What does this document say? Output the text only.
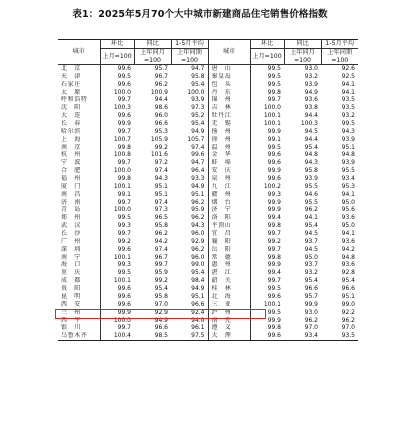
表1：2025年5月70个大中城市新建商品住宅销售价格指数
城市	环比	同比	1-5月平均	城市	环比	同比	1-5月平均
	上月=100	上年同月=100	上年同期=100		上月=100	上年同月=100	上年同期=100
北　京	99.6	95.7	94.7	唐　山	99.5	93.0	92.6
天　津	99.5	96.7	95.8	秦皇岛	99.5	93.2	92.5
石家庄	99.6	96.2	95.4	包　头	99.5	93.9	94.1
太　原	100.0	100.9	100.0	丹　东	99.8	94.9	94.1
呼和浩特	99.7	94.4	93.9	锦　州	99.7	93.6	93.5
沈　阳	100.3	98.6	97.3	吉　林	100.0	93.8	93.5
大　连	99.6	96.0	95.2	牡丹江	100.1	94.4	93.2
长　春	99.9	96.6	95.4	无　锡	100.1	100.3	99.5
哈尔滨	99.7	95.3	94.9	扬　州	99.9	94.5	94.3
上　海	100.7	105.9	105.7	徐　州	99.1	94.4	93.9
南　京	99.8	99.2	97.4	温　州	99.5	95.4	95.1
杭　州	100.8	101.6	99.6	金　华	99.6	94.8	94.8
宁　波	99.7	97.2	94.7	蚌　埠	99.6	94.3	93.9
合　肥	100.0	97.4	96.4	安　庆	99.9	95.8	95.5
福　州	99.8	94.3	93.3	泉　州	99.6	93.9	93.4
厦　门	100.1	95.1	94.9	九　江	100.2	95.5	95.3
南　昌	99.1	95.1	95.1	赣　州	99.3	94.6	94.1
济　南	99.7	97.4	96.2	烟　台	99.9	95.5	95.0
青　岛	100.0	97.3	95.9	济　宁	99.9	96.2	95.6
郑　州	99.5	96.5	96.2	洛　阳	99.4	94.1	93.6
武　汉	99.3	95.8	94.3	平顶山	99.8	95.4	95.0
长　沙	99.7	96.2	96.0	宜　昌	99.7	94.5	94.1
广　州	99.2	94.2	92.9	襄　阳	99.2	93.7	93.6
深　圳	99.6	97.4	96.2	岳　阳	99.7	94.5	94.2
南　宁	100.1	96.7	96.0	常　德	99.8	95.0	94.8
海　口	99.3	99.7	99.0	惠　州	99.9	93.7	93.6
重　庆	99.5	95.9	95.4	湛　江	99.4	93.2	92.8
成　都	100.1	99.2	98.4	韶　关	99.7	95.4	95.4
贵　阳	99.6	95.4	94.9	桂　林	99.5	96.6	96.6
昆　明	99.6	95.8	95.1	北　海	99.6	95.7	95.1
西　安	99.6	97.0	96.6	三　亚	100.1	99.9	99.0
兰　州	99.9	92.9	92.4	泸　州	99.5	93.0	92.2
西　宁	100.0	94.9	94.0	南　充	99.9	96.2	96.2
银　川	99.7	96.6	96.1	遵　义	99.8	97.0	97.0
乌鲁木齐	100.4	98.5	97.5	大　理	99.6	93.4	93.5
